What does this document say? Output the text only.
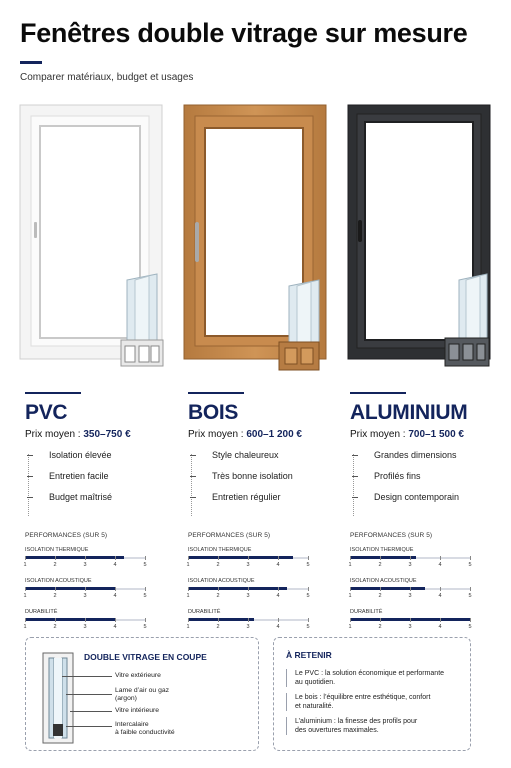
Fenêtres double vitrage sur mesure
Comparer matériaux, budget et usages
PVC
Prix moyen : 350–750 €
Isolation élevée
Entretien facile
Budget maîtrisé
PERFORMANCES (SUR 5)
ISOLATION THERMIQUE
1	2	3	4	5
ISOLATION ACOUSTIQUE
1	2	3	4	5
DURABILITÉ
1	2	3	4	5
BOIS
Prix moyen : 600–1 200 €
Style chaleureux
Très bonne isolation
Entretien régulier
PERFORMANCES (SUR 5)
ISOLATION THERMIQUE
1	2	3	4	5
ISOLATION ACOUSTIQUE
1	2	3	4	5
DURABILITÉ
1	2	3	4	5
ALUMINIUM
Prix moyen : 700–1 500 €
Grandes dimensions
Profilés fins
Design contemporain
PERFORMANCES (SUR 5)
ISOLATION THERMIQUE
1	2	3	4	5
ISOLATION ACOUSTIQUE
1	2	3	4	5
DURABILITÉ
1	2	3	4	5
DOUBLE VITRAGE EN COUPE
Vitre extérieure
Lame d’air ou gaz
(argon)
Vitre intérieure
Intercalaire
à faible conductivité
À RETENIR
Le PVC : la solution économique et performante
au quotidien.
Le bois : l’équilibre entre esthétique, confort
et naturalité.
L’aluminium : la finesse des profils pour
des ouvertures maximales.
